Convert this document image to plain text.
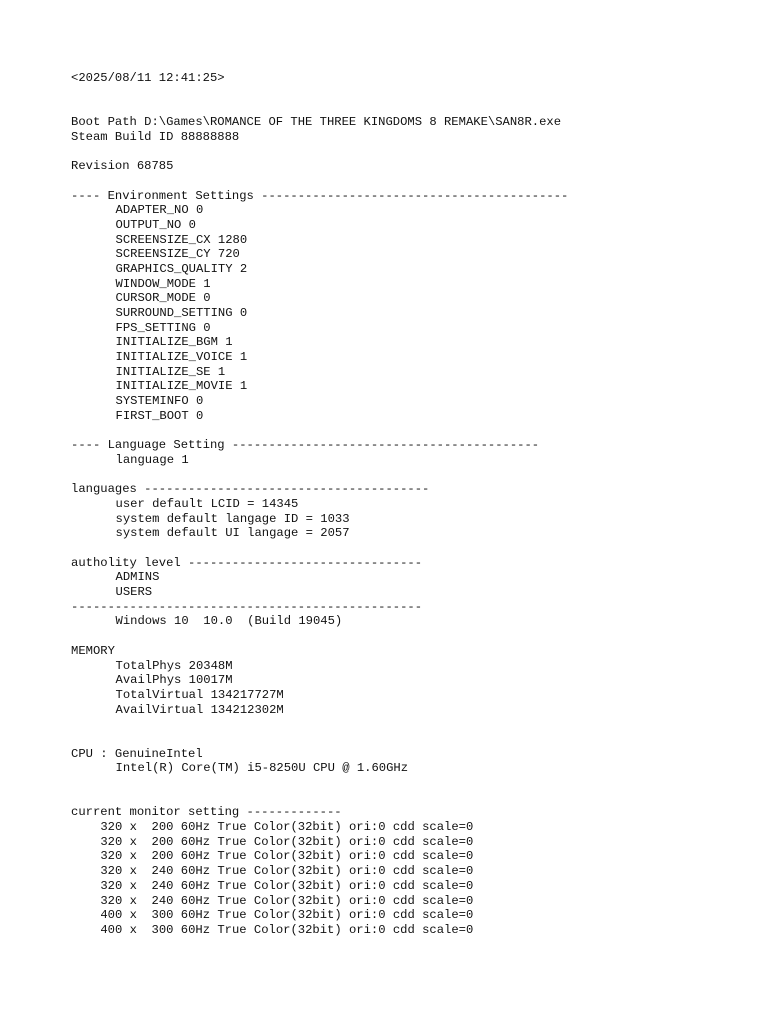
<2025/08/11 12:41:25>
Boot Path D:\Games\ROMANCE OF THE THREE KINGDOMS 8 REMAKE\SAN8R.exe
Steam Build ID 88888888
Revision 68785
---- Environment Settings ------------------------------------------
ADAPTER_NO 0
OUTPUT_NO 0
SCREENSIZE_CX 1280
SCREENSIZE_CY 720
GRAPHICS_QUALITY 2
WINDOW_MODE 1
CURSOR_MODE 0
SURROUND_SETTING 0
FPS_SETTING 0
INITIALIZE_BGM 1
INITIALIZE_VOICE 1
INITIALIZE_SE 1
INITIALIZE_MOVIE 1
SYSTEMINFO 0
FIRST_BOOT 0
---- Language Setting ------------------------------------------
language 1
languages ---------------------------------------
user default LCID = 14345
system default langage ID = 1033
system default UI langage = 2057
autholity level --------------------------------
ADMINS
USERS
------------------------------------------------
Windows 10  10.0  (Build 19045)
MEMORY
TotalPhys 20348M
AvailPhys 10017M
TotalVirtual 134217727M
AvailVirtual 134212302M
CPU : GenuineIntel
Intel(R) Core(TM) i5-8250U CPU @ 1.60GHz
current monitor setting -------------
320 x  200 60Hz True Color(32bit) ori:0 cdd scale=0
320 x  200 60Hz True Color(32bit) ori:0 cdd scale=0
320 x  200 60Hz True Color(32bit) ori:0 cdd scale=0
320 x  240 60Hz True Color(32bit) ori:0 cdd scale=0
320 x  240 60Hz True Color(32bit) ori:0 cdd scale=0
320 x  240 60Hz True Color(32bit) ori:0 cdd scale=0
400 x  300 60Hz True Color(32bit) ori:0 cdd scale=0
400 x  300 60Hz True Color(32bit) ori:0 cdd scale=0
